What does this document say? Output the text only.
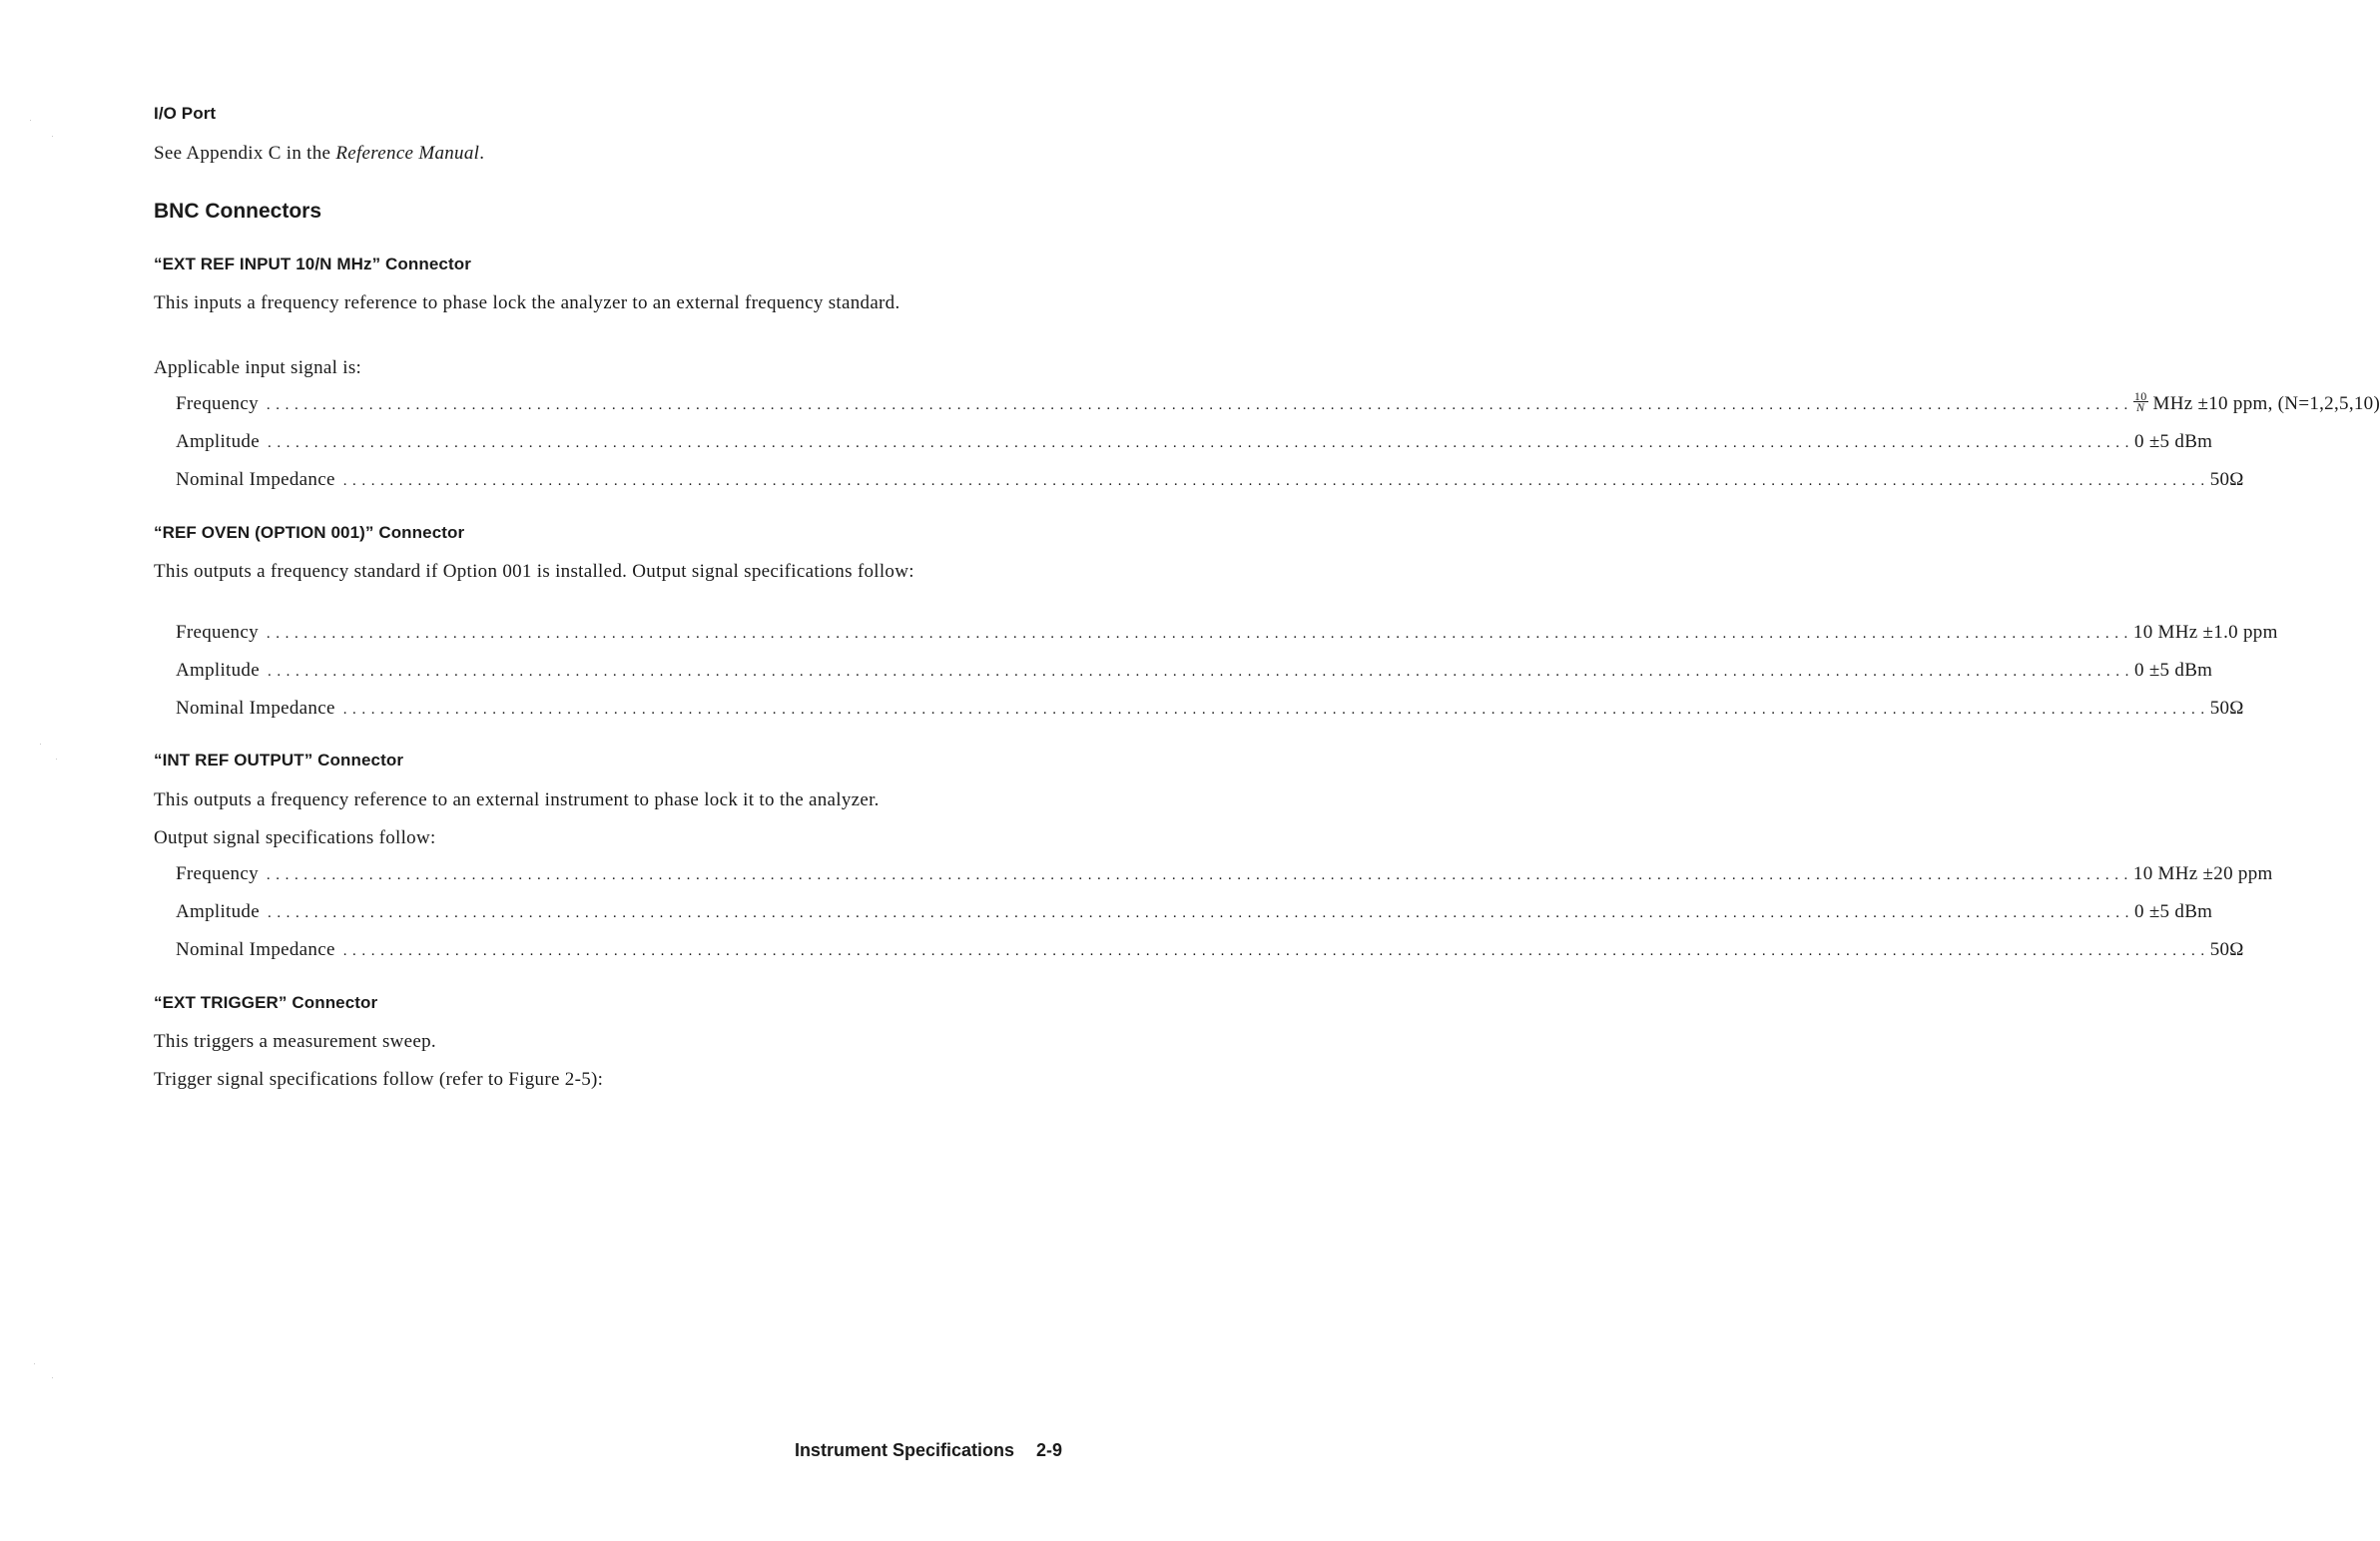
I/O Port
See Appendix C in the Reference Manual.
BNC Connectors
“EXT REF INPUT 10/N MHz” Connector
This inputs a frequency reference to phase lock the analyzer to an external frequency standard.
Applicable input signal is:
Frequency ........................................................................................................................................................................................................ $\frac{10}{N}$ MHz ±10 ppm, (N=1,2,5,10)
Amplitude ........................................................................................................................................................................................................ 0 ±5 dBm
Nominal Impedance ........................................................................................................................................................................................................ 50Ω
“REF OVEN (OPTION 001)” Connector
This outputs a frequency standard if Option 001 is installed. Output signal specifications follow:
Frequency ........................................................................................................................................................................................................ 10 MHz ±1.0 ppm
Amplitude ........................................................................................................................................................................................................ 0 ±5 dBm
Nominal Impedance ........................................................................................................................................................................................................ 50Ω
“INT REF OUTPUT” Connector
This outputs a frequency reference to an external instrument to phase lock it to the analyzer.
Output signal specifications follow:
Frequency ........................................................................................................................................................................................................ 10 MHz ±20 ppm
Amplitude ........................................................................................................................................................................................................ 0 ±5 dBm
Nominal Impedance ........................................................................................................................................................................................................ 50Ω
“EXT TRIGGER” Connector
This triggers a measurement sweep.
Trigger signal specifications follow (refer to Figure 2-5):
Instrument Specifications 2-9
